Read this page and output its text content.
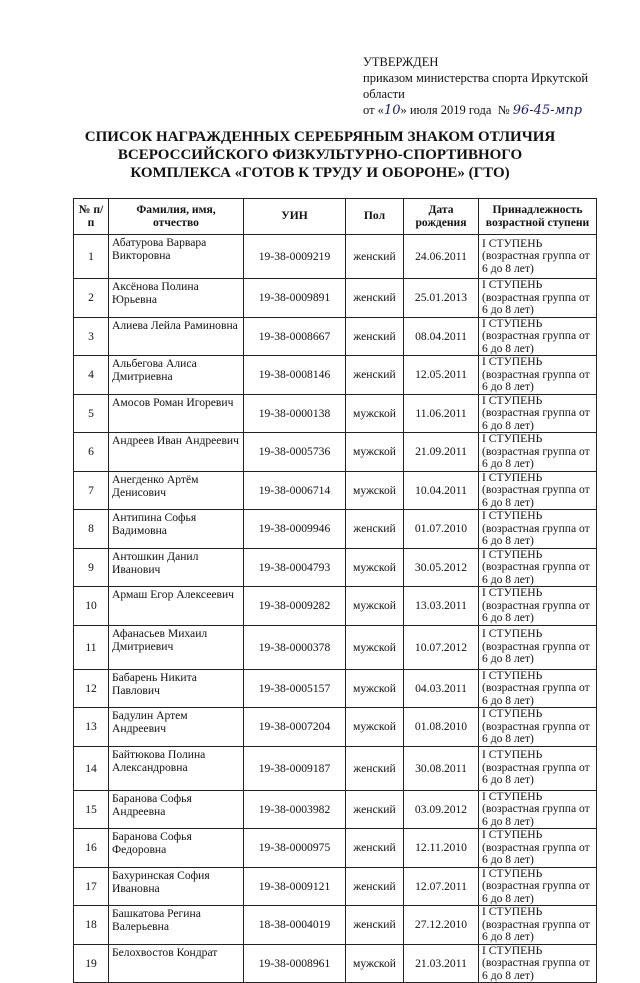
УТВЕРЖДЕН
приказом министерства спорта Иркутской
области
от «10» июля 2019 года № 96-45-мпр
СПИСОК НАГРАЖДЕННЫХ СЕРЕБРЯНЫМ ЗНАКОМ ОТЛИЧИЯ
ВСЕРОССИЙСКОГО ФИЗКУЛЬТУРНО-СПОРТИВНОГО
КОМПЛЕКСА «ГОТОВ К ТРУДУ И ОБОРОНЕ» (ГТО)
№ п/п	Фамилия, имя, отчество	УИН	Пол	Дата рождения	Принадлежность возрастной ступени
1	Абатурова Варвара Викторовна	19-38-0009219	женский	24.06.2011	I СТУПЕНЬ (возрастная группа от 6 до 8 лет)
2	Аксёнова Полина Юрьевна	19-38-0009891	женский	25.01.2013	I СТУПЕНЬ (возрастная группа от 6 до 8 лет)
3	Алиева Лейла Раминовна	19-38-0008667	женский	08.04.2011	I СТУПЕНЬ (возрастная группа от 6 до 8 лет)
4	Альбегова Алиса Дмитриевна	19-38-0008146	женский	12.05.2011	I СТУПЕНЬ (возрастная группа от 6 до 8 лет)
5	Амосов Роман Игоревич	19-38-0000138	мужской	11.06.2011	I СТУПЕНЬ (возрастная группа от 6 до 8 лет)
6	Андреев Иван Андреевич	19-38-0005736	мужской	21.09.2011	I СТУПЕНЬ (возрастная группа от 6 до 8 лет)
7	Анегденко Артём Денисович	19-38-0006714	мужской	10.04.2011	I СТУПЕНЬ (возрастная группа от 6 до 8 лет)
8	Антипина Софья Вадимовна	19-38-0009946	женский	01.07.2010	I СТУПЕНЬ (возрастная группа от 6 до 8 лет)
9	Антошкин Данил Иванович	19-38-0004793	мужской	30.05.2012	I СТУПЕНЬ (возрастная группа от 6 до 8 лет)
10	Армаш Егор Алексеевич	19-38-0009282	мужской	13.03.2011	I СТУПЕНЬ (возрастная группа от 6 до 8 лет)
11	Афанасьев Михаил Дмитриевич	19-38-0000378	мужской	10.07.2012	I СТУПЕНЬ (возрастная группа от 6 до 8 лет)
12	Бабарень Никита Павлович	19-38-0005157	мужской	04.03.2011	I СТУПЕНЬ (возрастная группа от 6 до 8 лет)
13	Бадулин Артем Андреевич	19-38-0007204	мужской	01.08.2010	I СТУПЕНЬ (возрастная группа от 6 до 8 лет)
14	Байтюкова Полина Александровна	19-38-0009187	женский	30.08.2011	I СТУПЕНЬ (возрастная группа от 6 до 8 лет)
15	Баранова Софья Андреевна	19-38-0003982	женский	03.09.2012	I СТУПЕНЬ (возрастная группа от 6 до 8 лет)
16	Баранова Софья Федоровна	19-38-0000975	женский	12.11.2010	I СТУПЕНЬ (возрастная группа от 6 до 8 лет)
17	Бахуринская София Ивановна	19-38-0009121	женский	12.07.2011	I СТУПЕНЬ (возрастная группа от 6 до 8 лет)
18	Башкатова Регина Валерьевна	18-38-0004019	женский	27.12.2010	I СТУПЕНЬ (возрастная группа от 6 до 8 лет)
19	Белохвостов Кондрат	19-38-0008961	мужской	21.03.2011	I СТУПЕНЬ (возрастная группа от 6 до 8 лет)
